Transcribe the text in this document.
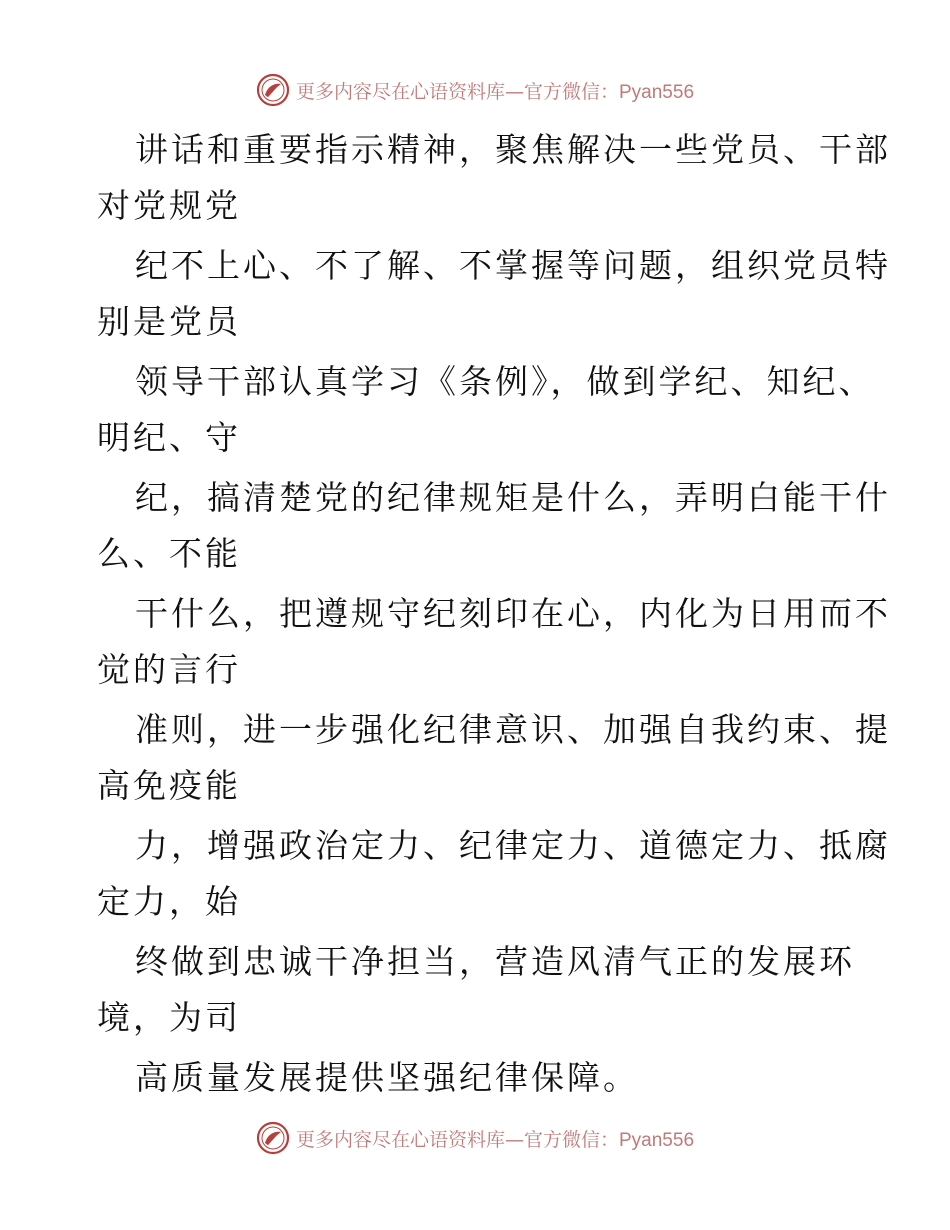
更多内容尽在心语资料库—官方微信：Pyan556
讲话和重要指示精神，聚焦解决一些党员、干部
对党规党
纪不上心、不了解、不掌握等问题，组织党员特
别是党员
领导干部认真学习《条例》，做到学纪、知纪、
明纪、守
纪，搞清楚党的纪律规矩是什么，弄明白能干什
么、不能
干什么，把遵规守纪刻印在心，内化为日用而不
觉的言行
准则，进一步强化纪律意识、加强自我约束、提
高免疫能
力，增强政治定力、纪律定力、道德定力、抵腐
定力，始
终做到忠诚干净担当，营造风清气正的发展环
境，为司
高质量发展提供坚强纪律保障。
更多内容尽在心语资料库—官方微信：Pyan556
